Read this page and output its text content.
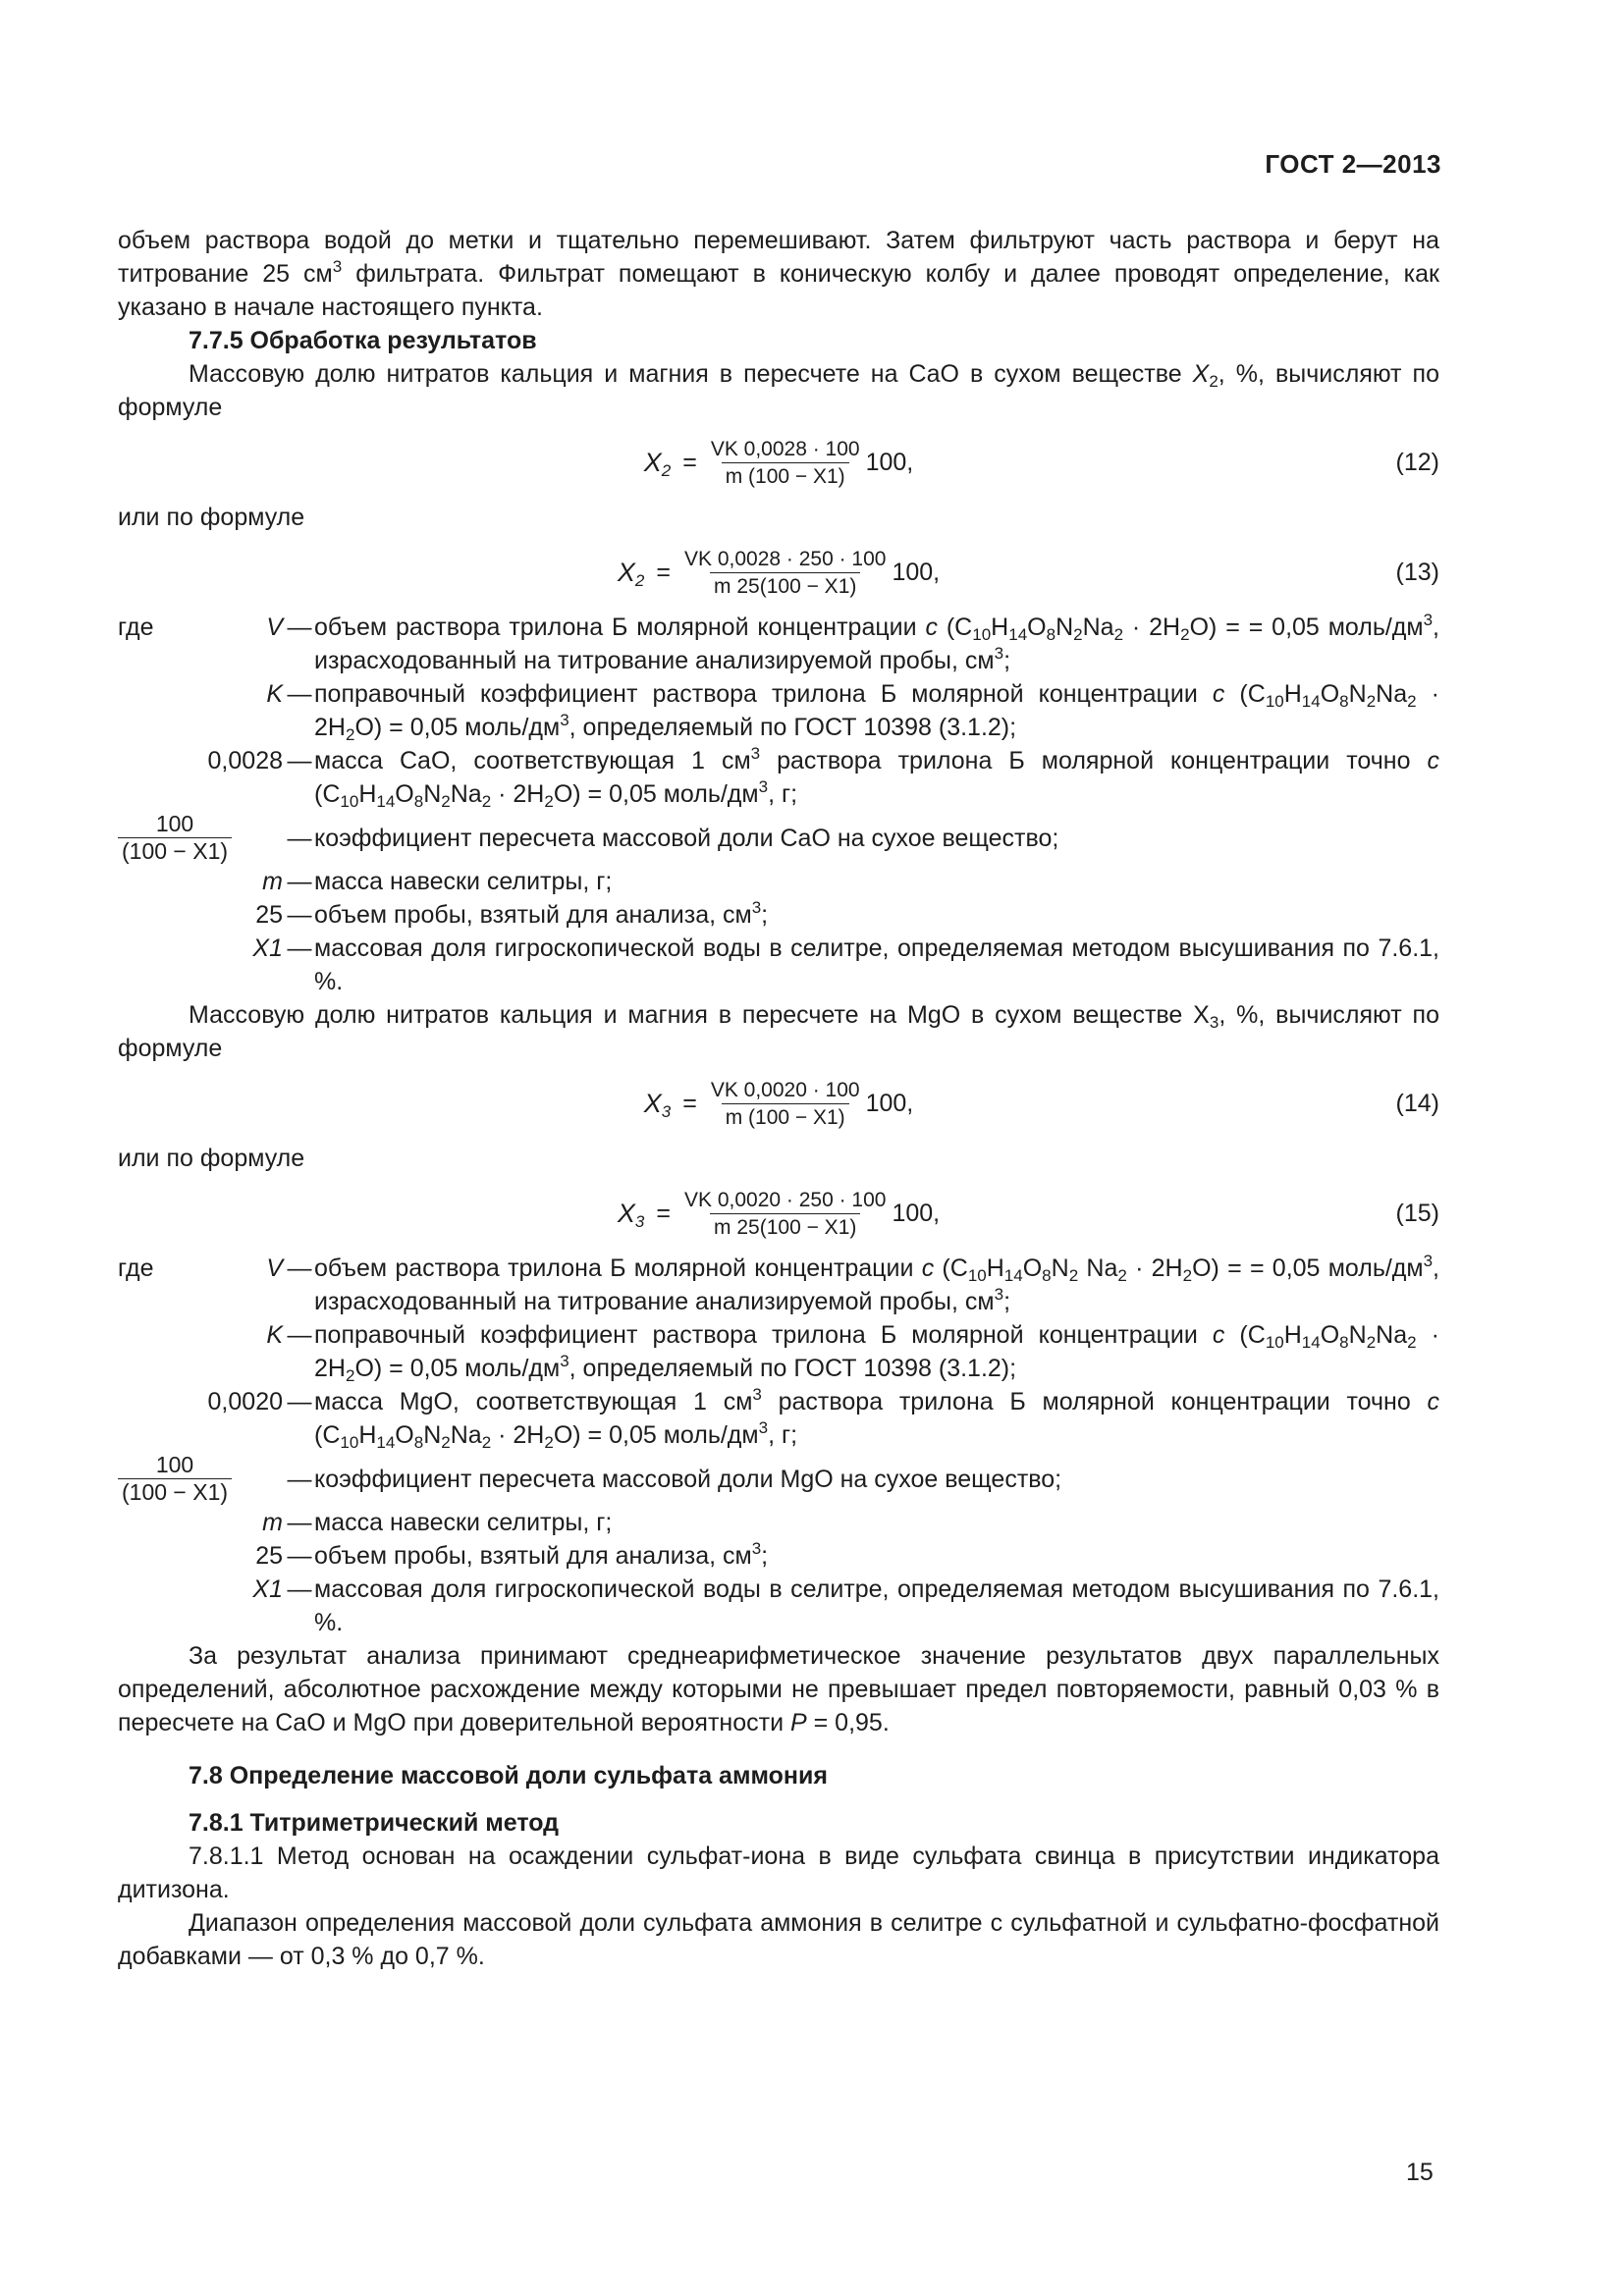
ГОСТ 2—2013

объем раствора водой до метки и тщательно перемешивают. Затем фильтруют часть раствора и берут на титрование 25 $см^3$ фильтрата. Фильтрат помещают в коническую колбу и далее проводят определение, как указано в начале настоящего пункта.

7.7.5 Обработка результатов

Массовую долю нитратов кальция и магния в пересчете на CaO в сухом веществе $X_2$, %, вычисляют по формуле

$X_2 = \frac{VK 0,0028 \cdot 100}{m (100 - X1)} 100$,	(12)

или по формуле

$X_2 = \frac{VK 0,0028 \cdot 250 \cdot 100}{m 25(100 - X1)} 100$,	(13)
где	V — объем раствора трилона Б молярной концентрации c $(C_{10}H_{14}O_8N_2Na_2 \cdot 2H_2O)$ = = 0,05 моль/$дм^3$, израсходованный на титрование анализируемой пробы, $см^3$;
K — поправочный коэффициент раствора трилона Б молярной концентрации c $(C_{10}H_{14}O_8N_2Na_2 \cdot 2H_2O) = 0,05$ моль/$дм^3$, определяемый по ГОСТ 10398 (3.1.2);
0,0028 — масса CaO, соответствующая 1 $см^3$ раствора трилона Б молярной концентрации точно c $(C_{10}H_{14}O_8N_2Na_2 \cdot 2H_2O) = 0,05$ моль/$дм^3$, г;
100
(100 − X1) — коэффициент пересчета массовой доли CaO на сухое вещество;
m — масса навески селитры, г;
25 — объем пробы, взятый для анализа, $см^3$;
X1 — массовая доля гигроскопической воды в селитре, определяемая методом высушивания по 7.6.1, %.

Массовую долю нитратов кальция и магния в пересчете на MgO в сухом веществе $X_3$, %, вычисляют по формуле

$X_3 = \frac{VK 0,0020 \cdot 100}{m (100 - X1)} 100$,	(14)

или по формуле

$X_3 = \frac{VK 0,0020 \cdot 250 \cdot 100}{m 25(100 - X1)} 100$,	(15)
где	V — объем раствора трилона Б молярной концентрации c ($C_{10}H_{14}O_8N_2$ $Na_2 \cdot 2H_2O$) = = 0,05 моль/$дм^3$, израсходованный на титрование анализируемой пробы, $см^3$;
K — поправочный коэффициент раствора трилона Б молярной концентрации c $(C_{10}H_{14}O_8N_2Na_2 \cdot 2H_2O) = 0,05$ моль/$дм^3$, определяемый по ГОСТ 10398 (3.1.2);
0,0020 — масса MgO, соответствующая 1 $см^3$ раствора трилона Б молярной концентрации точно c $(C_{10}H_{14}O_8N_2Na_2 \cdot 2H_2O) = 0,05$ моль/$дм^3$, г;
100
(100 − X1) — коэффициент пересчета массовой доли MgO на сухое вещество;
m — масса навески селитры, г;
25 — объем пробы, взятый для анализа, $см^3$;
X1 — массовая доля гигроскопической воды в селитре, определяемая методом высушивания по 7.6.1, %.

За результат анализа принимают среднеарифметическое значение результатов двух параллельных определений, абсолютное расхождение между которыми не превышает предел повторяемости, равный 0,03 % в пересчете на CaO и MgO при доверительной вероятности P = 0,95.

7.8 Определение массовой доли сульфата аммония

7.8.1 Титриметрический метод

7.8.1.1 Метод основан на осаждении сульфат-иона в виде сульфата свинца в присутствии индикатора дитизона.

Диапазон определения массовой доли сульфата аммония в селитре с сульфатной и сульфатно-фосфатной добавками — от 0,3 % до 0,7 %.

15
